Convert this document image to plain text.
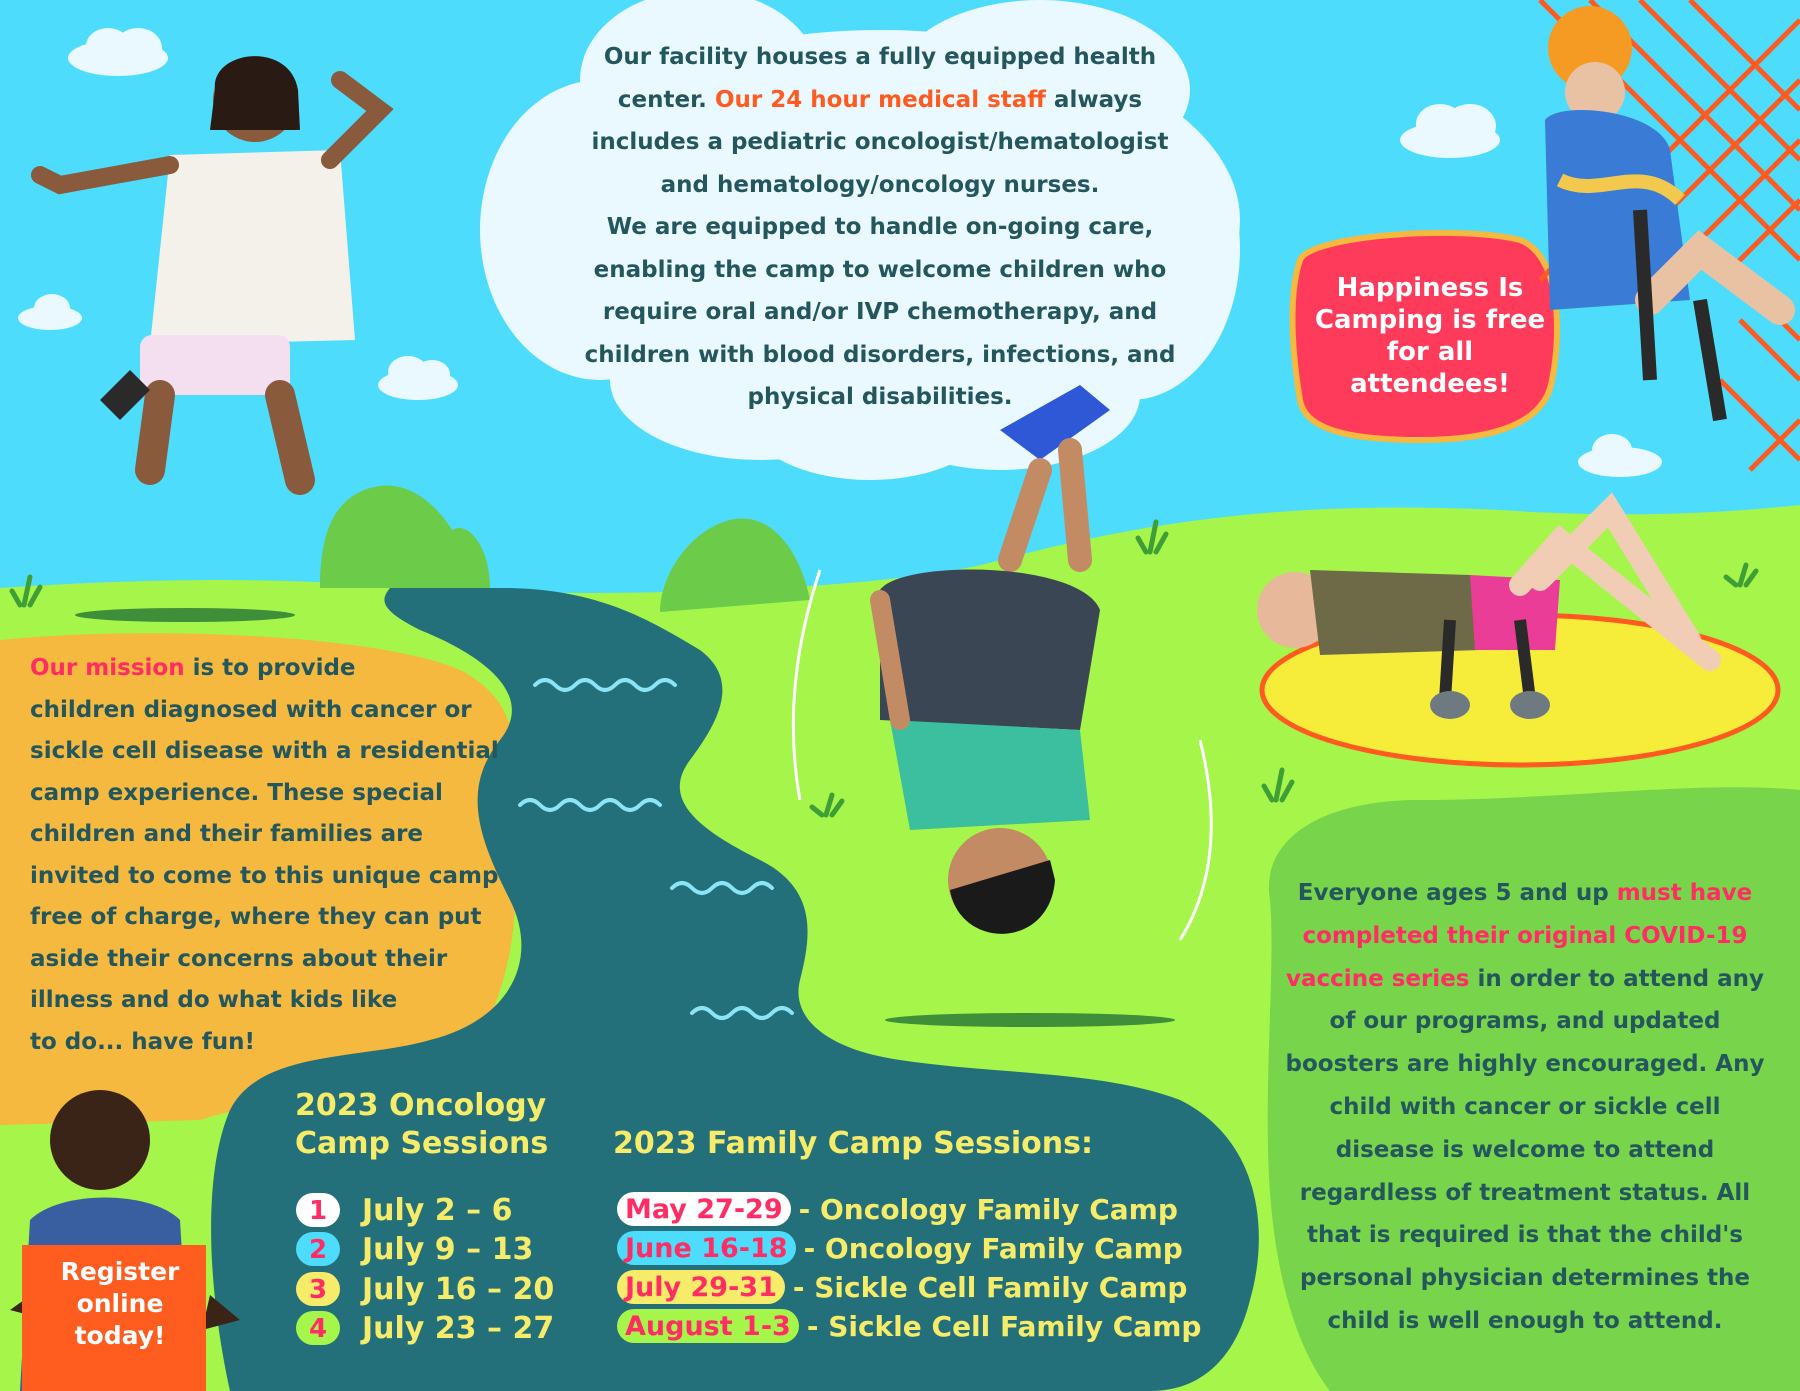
Our facility houses a fully equipped health
center. Our 24 hour medical staff always
includes a pediatric oncologist/hematologist
and hematology/oncology nurses.
We are equipped to handle on-going care,
enabling the camp to welcome children who
require oral and/or IVP chemotherapy, and
children with blood disorders, infections, and
physical disabilities.
Happiness Is
Camping is free
for all
attendees!
Our mission is to provide
children diagnosed with cancer or
sickle cell disease with a residential
camp experience. These special
children and their families are
invited to come to this unique camp
free of charge, where they can put
aside their concerns about their
illness and do what kids like
to do... have fun!
Everyone ages 5 and up must have
completed their original COVID-19
vaccine series in order to attend any
of our programs, and updated
boosters are highly encouraged. Any
child with cancer or sickle cell
disease is welcome to attend
regardless of treatment status. All
that is required is that the child's
personal physician determines the
child is well enough to attend.
2023 Oncology
Camp Sessions
1	July 2 – 6
2	July 9 – 13
3	July 16 – 20
4	July 23 – 27
2023 Family Camp Sessions:
May 27-29 - Oncology Family Camp
June 16-18 - Oncology Family Camp
July 29-31 - Sickle Cell Family Camp
August 1-3 - Sickle Cell Family Camp
Register
online
today!
